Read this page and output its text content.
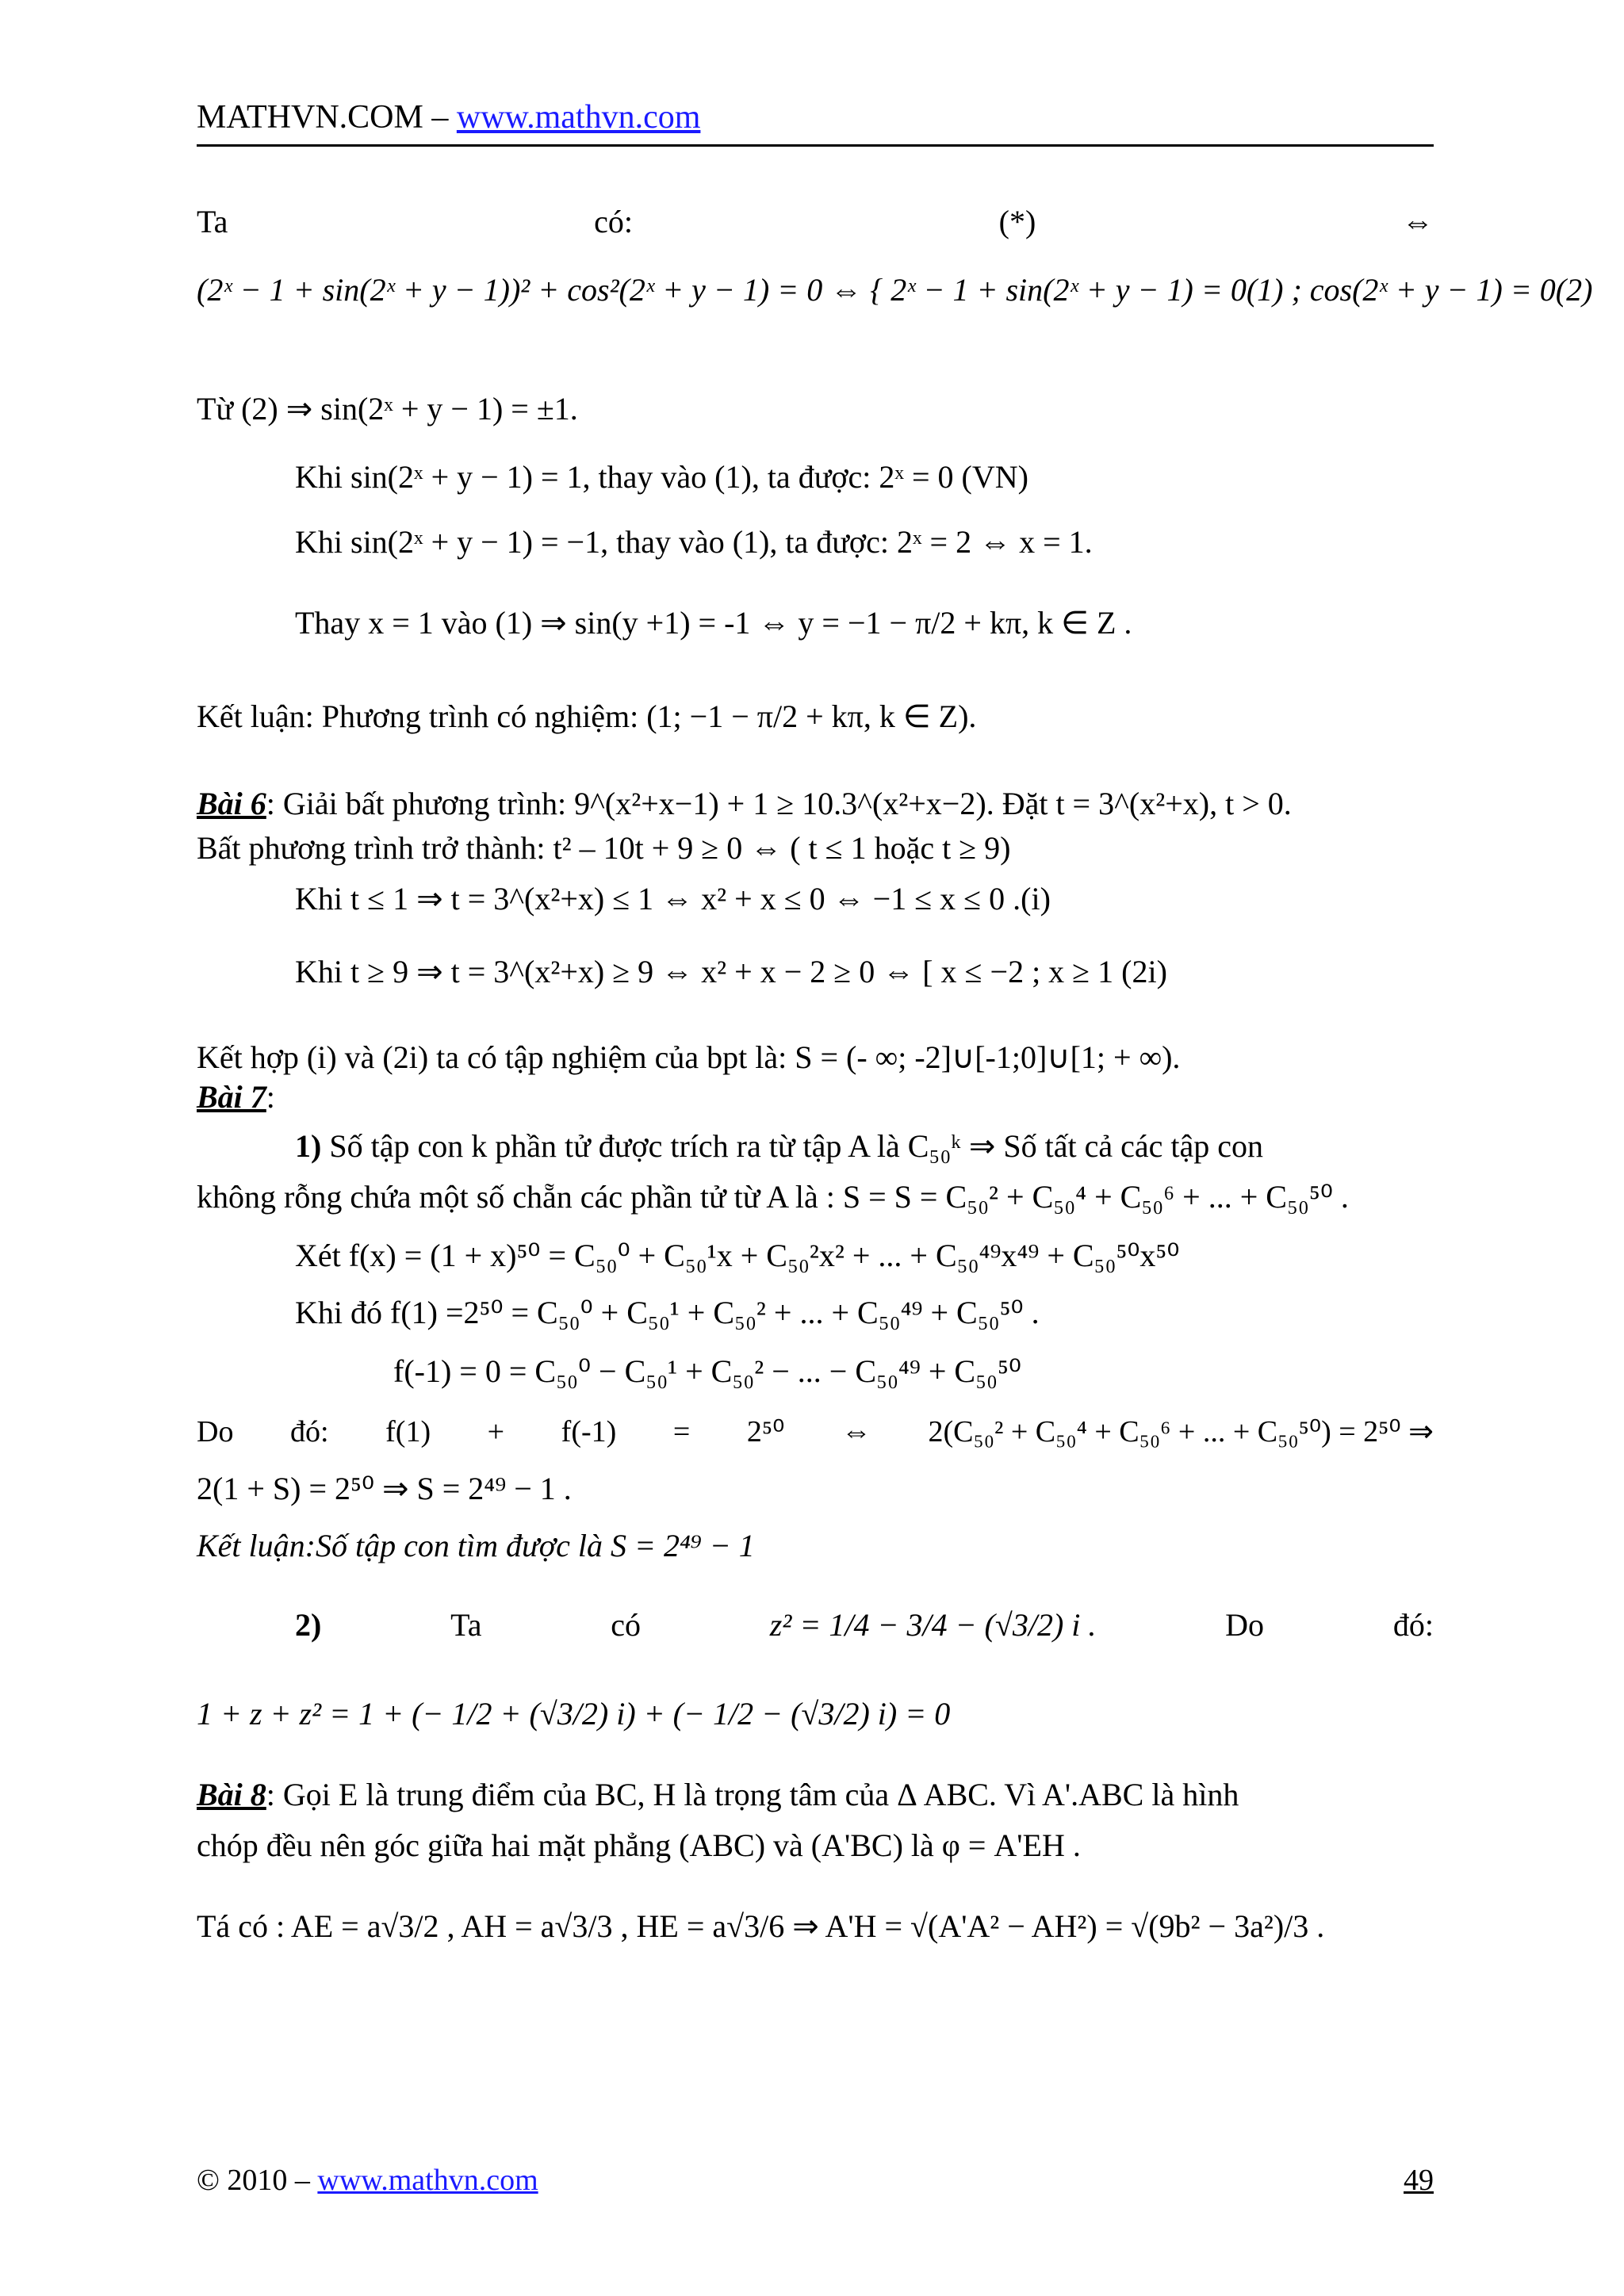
MATHVN.COM – www.mathvn.com
Ta	có:	(*)	⇔
(2ˣ − 1 + sin(2ˣ + y − 1))² + cos²(2ˣ + y − 1) = 0 ⇔ { 2ˣ − 1 + sin(2ˣ + y − 1) = 0(1) ; cos(2ˣ + y − 1) = 0(2)
Từ (2) ⇒ sin(2ˣ + y − 1) = ±1.
Khi sin(2ˣ + y − 1) = 1, thay vào (1), ta được: 2ˣ = 0 (VN)
Khi sin(2ˣ + y − 1) = −1, thay vào (1), ta được: 2ˣ = 2 ⇔ x = 1.
Thay x = 1 vào (1) ⇒ sin(y +1) = -1 ⇔ y = −1 − π/2 + kπ, k ∈ Z .
Kết luận: Phương trình có nghiệm: (1; −1 − π/2 + kπ, k ∈ Z).
Bài 6: Giải bất phương trình: 9^(x²+x−1) + 1 ≥ 10.3^(x²+x−2). Đặt t = 3^(x²+x), t > 0.
Bất phương trình trở thành: t² – 10t + 9 ≥ 0 ⇔ ( t ≤ 1 hoặc t ≥ 9)
Khi t ≤ 1 ⇒ t = 3^(x²+x) ≤ 1 ⇔ x² + x ≤ 0 ⇔ −1 ≤ x ≤ 0 .(i)
Khi t ≥ 9 ⇒ t = 3^(x²+x) ≥ 9 ⇔ x² + x − 2 ≥ 0 ⇔ [ x ≤ −2 ; x ≥ 1 (2i)
Kết hợp (i) và (2i) ta có tập nghiệm của bpt là: S = (- ∞; -2]∪[-1;0]∪[1; + ∞).
Bài 7:
1) Số tập con k phần tử được trích ra từ tập A là C₅₀ᵏ ⇒ Số tất cả các tập con
không rỗng chứa một số chẵn các phần tử từ A là : S = S = C₅₀² + C₅₀⁴ + C₅₀⁶ + ... + C₅₀⁵⁰ .
Xét f(x) = (1 + x)⁵⁰ = C₅₀⁰ + C₅₀¹x + C₅₀²x² + ... + C₅₀⁴⁹x⁴⁹ + C₅₀⁵⁰x⁵⁰
Khi đó f(1) =2⁵⁰ = C₅₀⁰ + C₅₀¹ + C₅₀² + ... + C₅₀⁴⁹ + C₅₀⁵⁰ .
f(-1) = 0 = C₅₀⁰ − C₅₀¹ + C₅₀² − ... − C₅₀⁴⁹ + C₅₀⁵⁰
Do đó: f(1) + f(-1) = 2⁵⁰ ⇔ 2(C₅₀² + C₅₀⁴ + C₅₀⁶ + ... + C₅₀⁵⁰) = 2⁵⁰ ⇒
2(1 + S) = 2⁵⁰ ⇒ S = 2⁴⁹ − 1 .
Kết luận:Số tập con tìm được là S = 2⁴⁹ − 1
2)	Ta	có	z² = 1/4 − 3/4 − (√3/2) i .	Do	đó:
1 + z + z² = 1 + (− 1/2 + (√3/2) i) + (− 1/2 − (√3/2) i) = 0
Bài 8: Gọi E là trung điểm của BC, H là trọng tâm của Δ ABC. Vì A'.ABC là hình
chóp đều nên góc giữa hai mặt phẳng (ABC) và (A'BC) là φ = A'EH .
Tá có : AE = a√3/2 , AH = a√3/3 , HE = a√3/6 ⇒ A'H = √(A'A² − AH²) = √(9b² − 3a²)/3 .
© 2010 – www.mathvn.com	49
